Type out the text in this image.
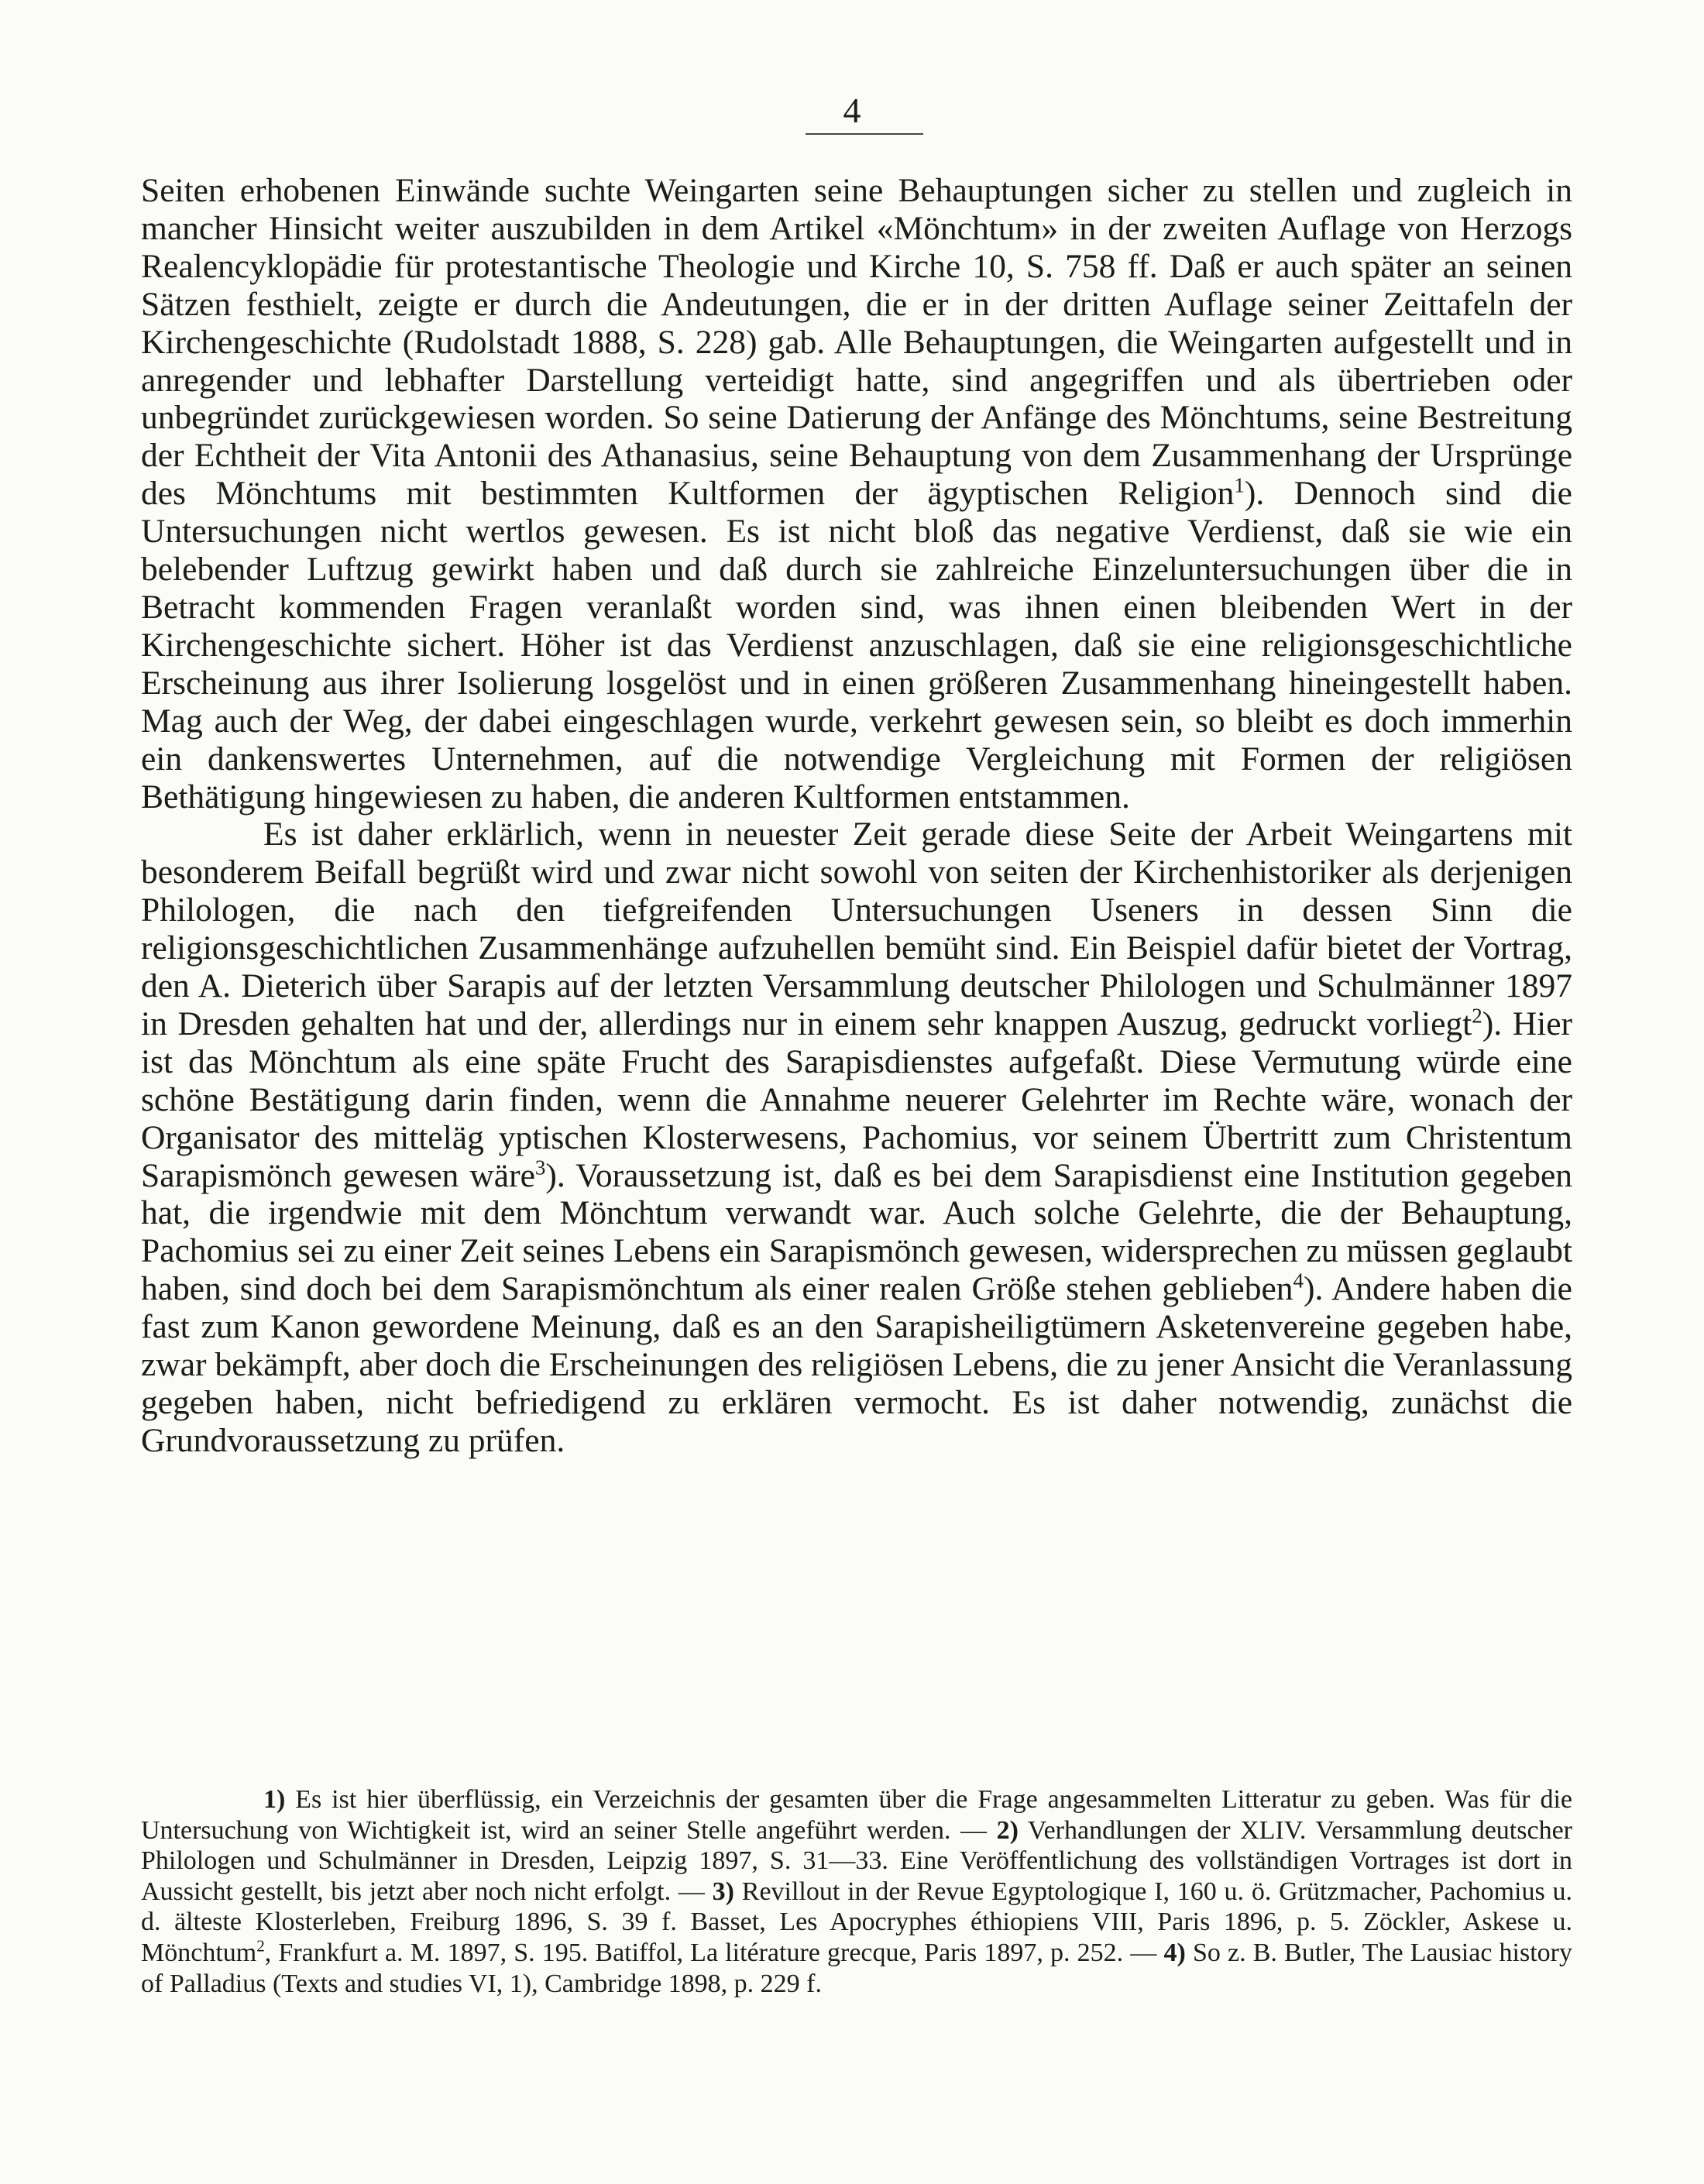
4

Seiten erhobenen Einwände suchte Weingarten seine Behauptungen sicher zu stellen und zugleich in mancher Hinsicht weiter auszubilden in dem Artikel «Mönchtum» in der zweiten Auflage von Herzogs Realencyklopädie für protestantische Theologie und Kirche 10, S. 758 ff. Daß er auch später an seinen Sätzen festhielt, zeigte er durch die Andeutungen, die er in der dritten Auflage seiner Zeittafeln der Kirchengeschichte (Rudolstadt 1888, S. 228) gab. Alle Behauptungen, die Weingarten aufgestellt und in anregender und lebhafter Darstellung verteidigt hatte, sind angegriffen und als übertrieben oder unbegründet zurückgewiesen worden. So seine Datierung der Anfänge des Mönchtums, seine Bestreitung der Echtheit der Vita Antonii des Athanasius, seine Behauptung von dem Zusammenhang der Ursprünge des Mönchtums mit bestimmten Kultformen der ägyptischen Religion$^1$). Dennoch sind die Untersuchungen nicht wertlos gewesen. Es ist nicht bloß das negative Verdienst, daß sie wie ein belebender Luftzug gewirkt haben und daß durch sie zahlreiche Einzeluntersuchungen über die in Betracht kommenden Fragen veranlaßt worden sind, was ihnen einen bleibenden Wert in der Kirchengeschichte sichert. Höher ist das Verdienst anzuschlagen, daß sie eine religionsgeschichtliche Erscheinung aus ihrer Isolierung losgelöst und in einen größeren Zusammenhang hineingestellt haben. Mag auch der Weg, der dabei eingeschlagen wurde, verkehrt gewesen sein, so bleibt es doch immerhin ein dankenswertes Unternehmen, auf die notwendige Vergleichung mit Formen der religiösen Bethätigung hingewiesen zu haben, die anderen Kultformen entstammen.

Es ist daher erklärlich, wenn in neuester Zeit gerade diese Seite der Arbeit Weingartens mit besonderem Beifall begrüßt wird und zwar nicht sowohl von seiten der Kirchenhistoriker als derjenigen Philologen, die nach den tiefgreifenden Untersuchungen Useners in dessen Sinn die religionsgeschichtlichen Zusammenhänge aufzuhellen bemüht sind. Ein Beispiel dafür bietet der Vortrag, den A. Dieterich über Sarapis auf der letzten Versammlung deutscher Philologen und Schulmänner 1897 in Dresden gehalten hat und der, allerdings nur in einem sehr knappen Auszug, gedruckt vorliegt$^2$). Hier ist das Mönchtum als eine späte Frucht des Sarapisdienstes aufgefaßt. Diese Vermutung würde eine schöne Bestätigung darin finden, wenn die Annahme neuerer Gelehrter im Rechte wäre, wonach der Organisator des mitteläg yptischen Klosterwesens, Pachomius, vor seinem Übertritt zum Christentum Sarapismönch gewesen wäre$^3$). Voraussetzung ist, daß es bei dem Sarapisdienst eine Institution gegeben hat, die irgendwie mit dem Mönchtum verwandt war. Auch solche Gelehrte, die der Behauptung, Pachomius sei zu einer Zeit seines Lebens ein Sarapismönch gewesen, widersprechen zu müssen geglaubt haben, sind doch bei dem Sarapismönchtum als einer realen Größe stehen geblieben$^4$). Andere haben die fast zum Kanon gewordene Meinung, daß es an den Sarapisheiligtümern Asketenvereine gegeben habe, zwar bekämpft, aber doch die Erscheinungen des religiösen Lebens, die zu jener Ansicht die Veranlassung gegeben haben, nicht befriedigend zu erklären vermocht. Es ist daher notwendig, zunächst die Grundvoraussetzung zu prüfen.

1) Es ist hier überflüssig, ein Verzeichnis der gesamten über die Frage angesammelten Litteratur zu geben. Was für die Untersuchung von Wichtigkeit ist, wird an seiner Stelle angeführt werden. — 2) Verhandlungen der XLIV. Versammlung deutscher Philologen und Schulmänner in Dresden, Leipzig 1897, S. 31—33. Eine Veröffentlichung des vollständigen Vortrages ist dort in Aussicht gestellt, bis jetzt aber noch nicht erfolgt. — 3) Revillout in der Revue Egyptologique I, 160 u. ö. Grützmacher, Pachomius u. d. älteste Klosterleben, Freiburg 1896, S. 39 f. Basset, Les Apocryphes éthiopiens VIII, Paris 1896, p. 5. Zöckler, Askese u. Mönchtum$^2$, Frankfurt a. M. 1897, S. 195. Batiffol, La litérature grecque, Paris 1897, p. 252. — 4) So z. B. Butler, The Lausiac history of Palladius (Texts and studies VI, 1), Cambridge 1898, p. 229 f.
